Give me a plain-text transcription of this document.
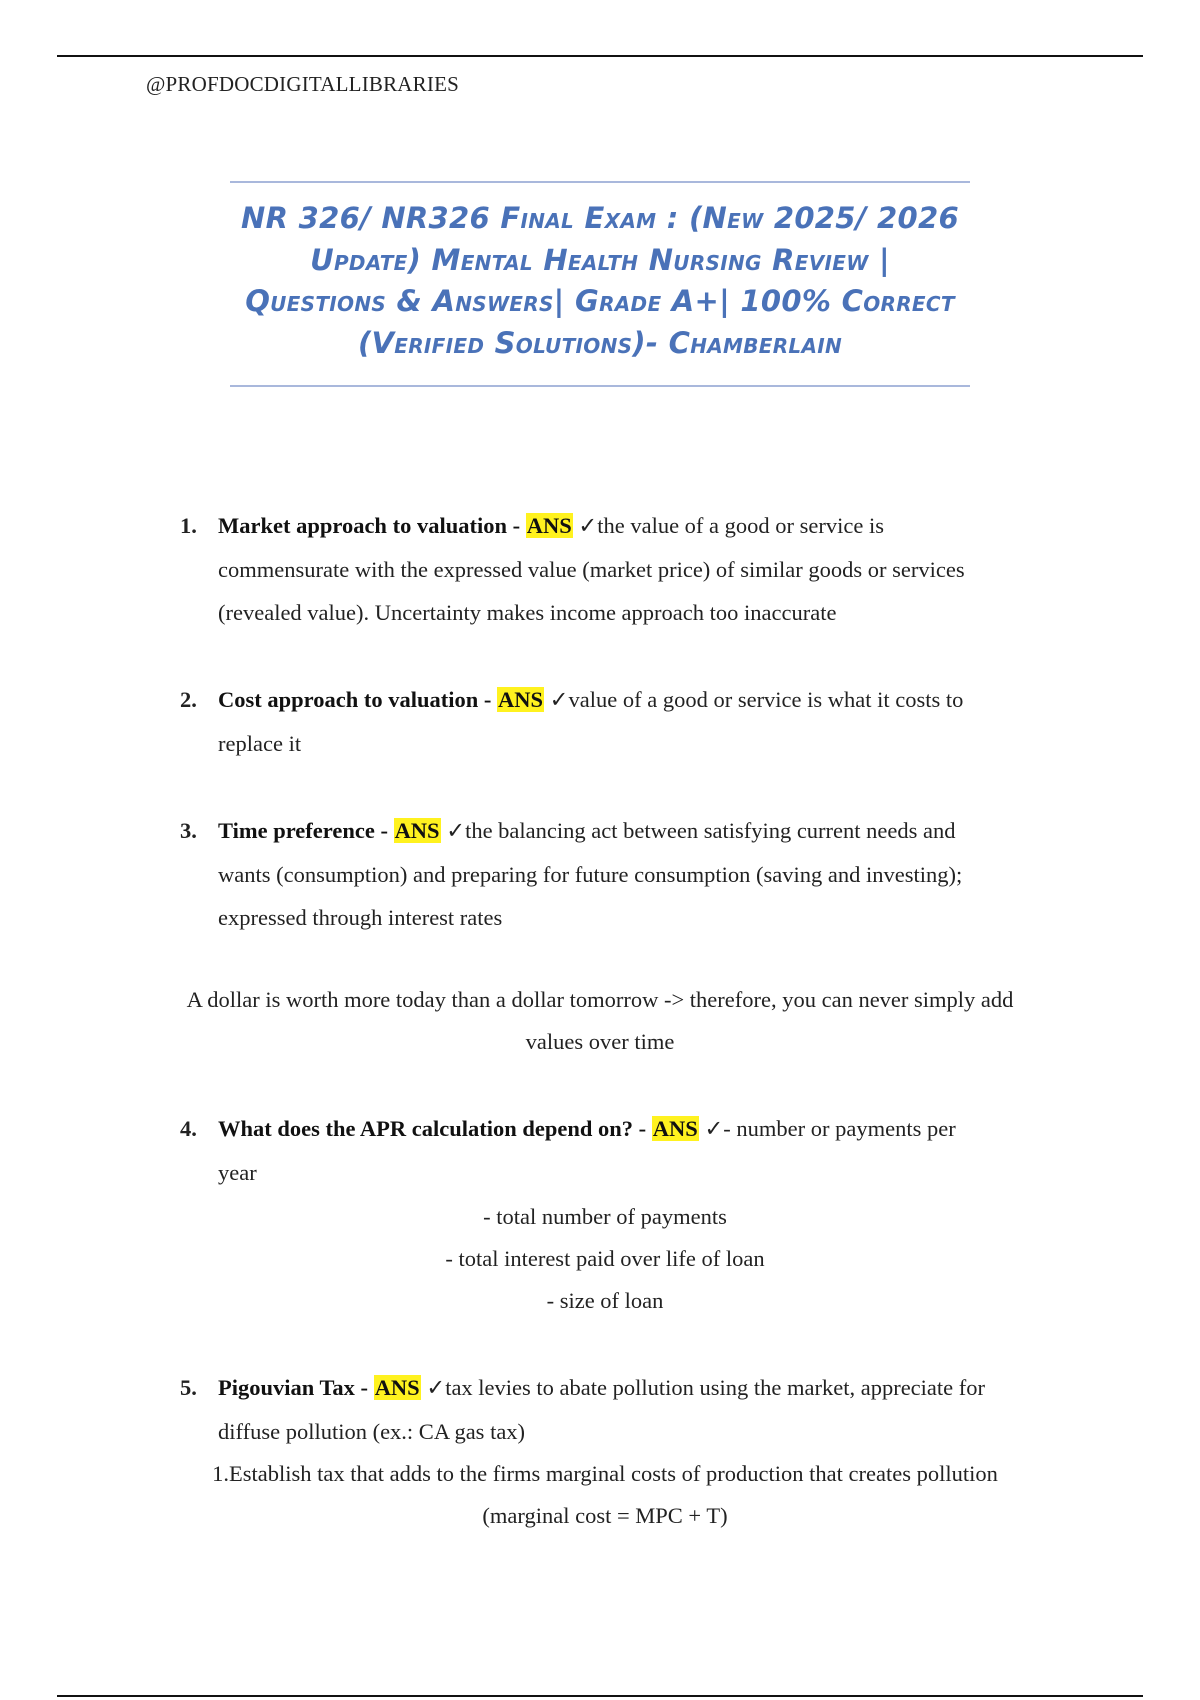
@PROFDOCDIGITALLIBRARIES
NR 326/ NR326 Final Exam : (New 2025/ 2026
Update) Mental Health Nursing Review |
Questions & Answers| Grade A+| 100% Correct
(Verified Solutions)- Chamberlain
1. Market approach to valuation - ANS ✓the value of a good or service is
commensurate with the expressed value (market price) of similar goods or services
(revealed value). Uncertainty makes income approach too inaccurate
2. Cost approach to valuation - ANS ✓value of a good or service is what it costs to
replace it
3. Time preference - ANS ✓the balancing act between satisfying current needs and
wants (consumption) and preparing for future consumption (saving and investing);
expressed through interest rates
A dollar is worth more today than a dollar tomorrow -> therefore, you can never simply add
values over time
4. What does the APR calculation depend on? - ANS ✓- number or payments per
year
- total number of payments
- total interest paid over life of loan
- size of loan
5. Pigouvian Tax - ANS ✓tax levies to abate pollution using the market, appreciate for
diffuse pollution (ex.: CA gas tax)
1.Establish tax that adds to the firms marginal costs of production that creates pollution
(marginal cost = MPC + T)
